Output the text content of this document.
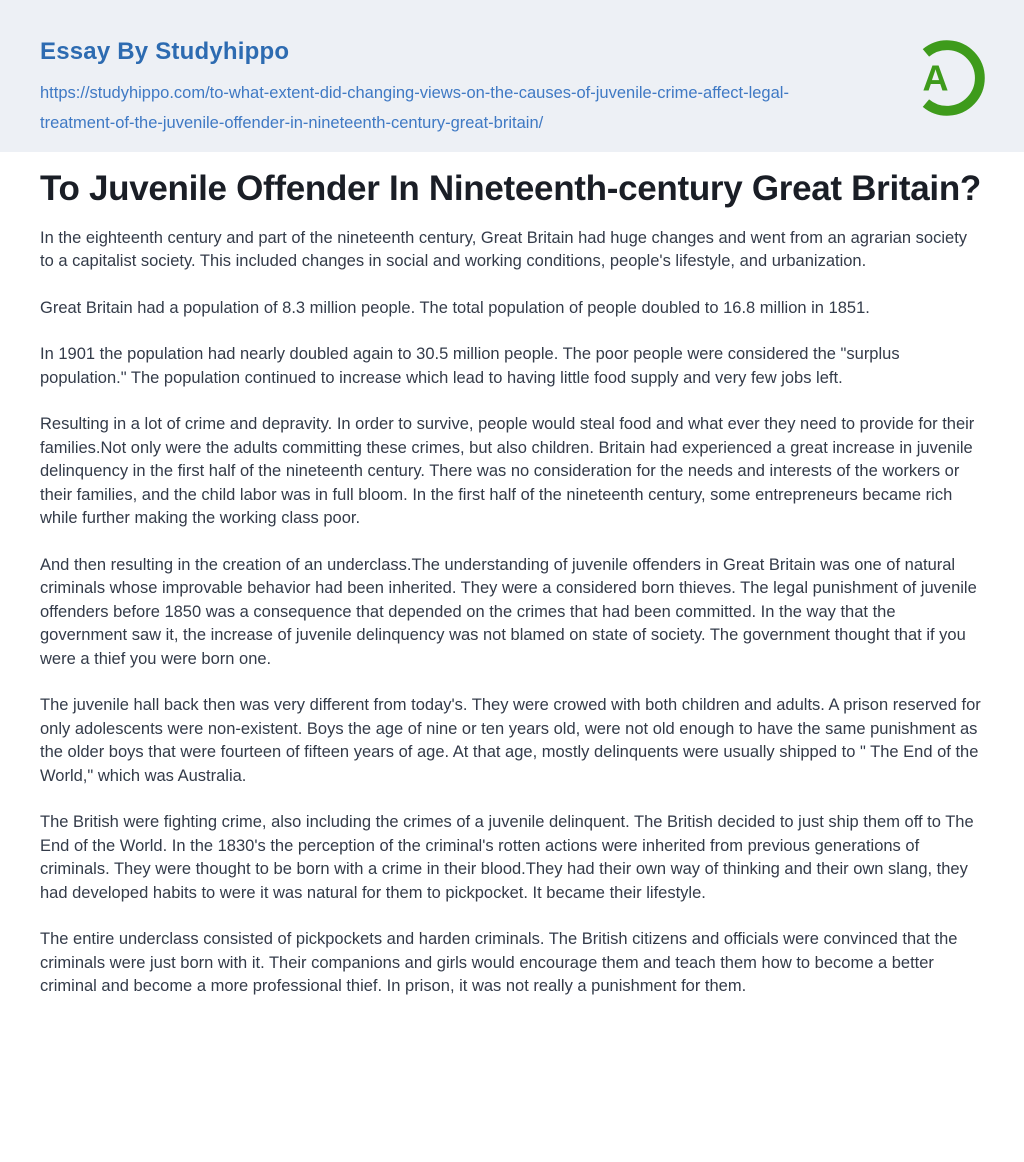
Essay By Studyhippo
https://studyhippo.com/to-what-extent-did-changing-views-on-the-causes-of-juvenile-crime-affect-legal-treatment-of-the-juvenile-offender-in-nineteenth-century-great-britain/
A
To Juvenile Offender In Nineteenth-century Great Britain?

In the eighteenth century and part of the nineteenth century, Great Britain had huge changes and went from an agrarian society to a capitalist society. This included changes in social and working conditions, people's lifestyle, and urbanization.

Great Britain had a population of 8.3 million people. The total population of people doubled to 16.8 million in 1851.

In 1901 the population had nearly doubled again to 30.5 million people. The poor people were considered the "surplus population." The population continued to increase which lead to having little food supply and very few jobs left.

Resulting in a lot of crime and depravity. In order to survive, people would steal food and what ever they need to provide for their families.Not only were the adults committing these crimes, but also children. Britain had experienced a great increase in juvenile delinquency in the first half of the nineteenth century. There was no consideration for the needs and interests of the workers or their families, and the child labor was in full bloom. In the first half of the nineteenth century, some entrepreneurs became rich while further making the working class poor.

And then resulting in the creation of an underclass.The understanding of juvenile offenders in Great Britain was one of natural criminals whose improvable behavior had been inherited. They were a considered born thieves. The legal punishment of juvenile offenders before 1850 was a consequence that depended on the crimes that had been committed. In the way that the government saw it, the increase of juvenile delinquency was not blamed on state of society. The government thought that if you were a thief you were born one.

The juvenile hall back then was very different from today's. They were crowed with both children and adults. A prison reserved for only adolescents were non-existent. Boys the age of nine or ten years old, were not old enough to have the same punishment as the older boys that were fourteen of fifteen years of age. At that age, mostly delinquents were usually shipped to " The End of the World," which was Australia.

The British were fighting crime, also including the crimes of a juvenile delinquent. The British decided to just ship them off to The End of the World. In the 1830's the perception of the criminal's rotten actions were inherited from previous generations of criminals. They were thought to be born with a crime in their blood.They had their own way of thinking and their own slang, they had developed habits to were it was natural for them to pickpocket. It became their lifestyle.

The entire underclass consisted of pickpockets and harden criminals. The British citizens and officials were convinced that the criminals were just born with it. Their companions and girls would encourage them and teach them how to become a better criminal and become a more professional thief. In prison, it was not really a punishment for them.
